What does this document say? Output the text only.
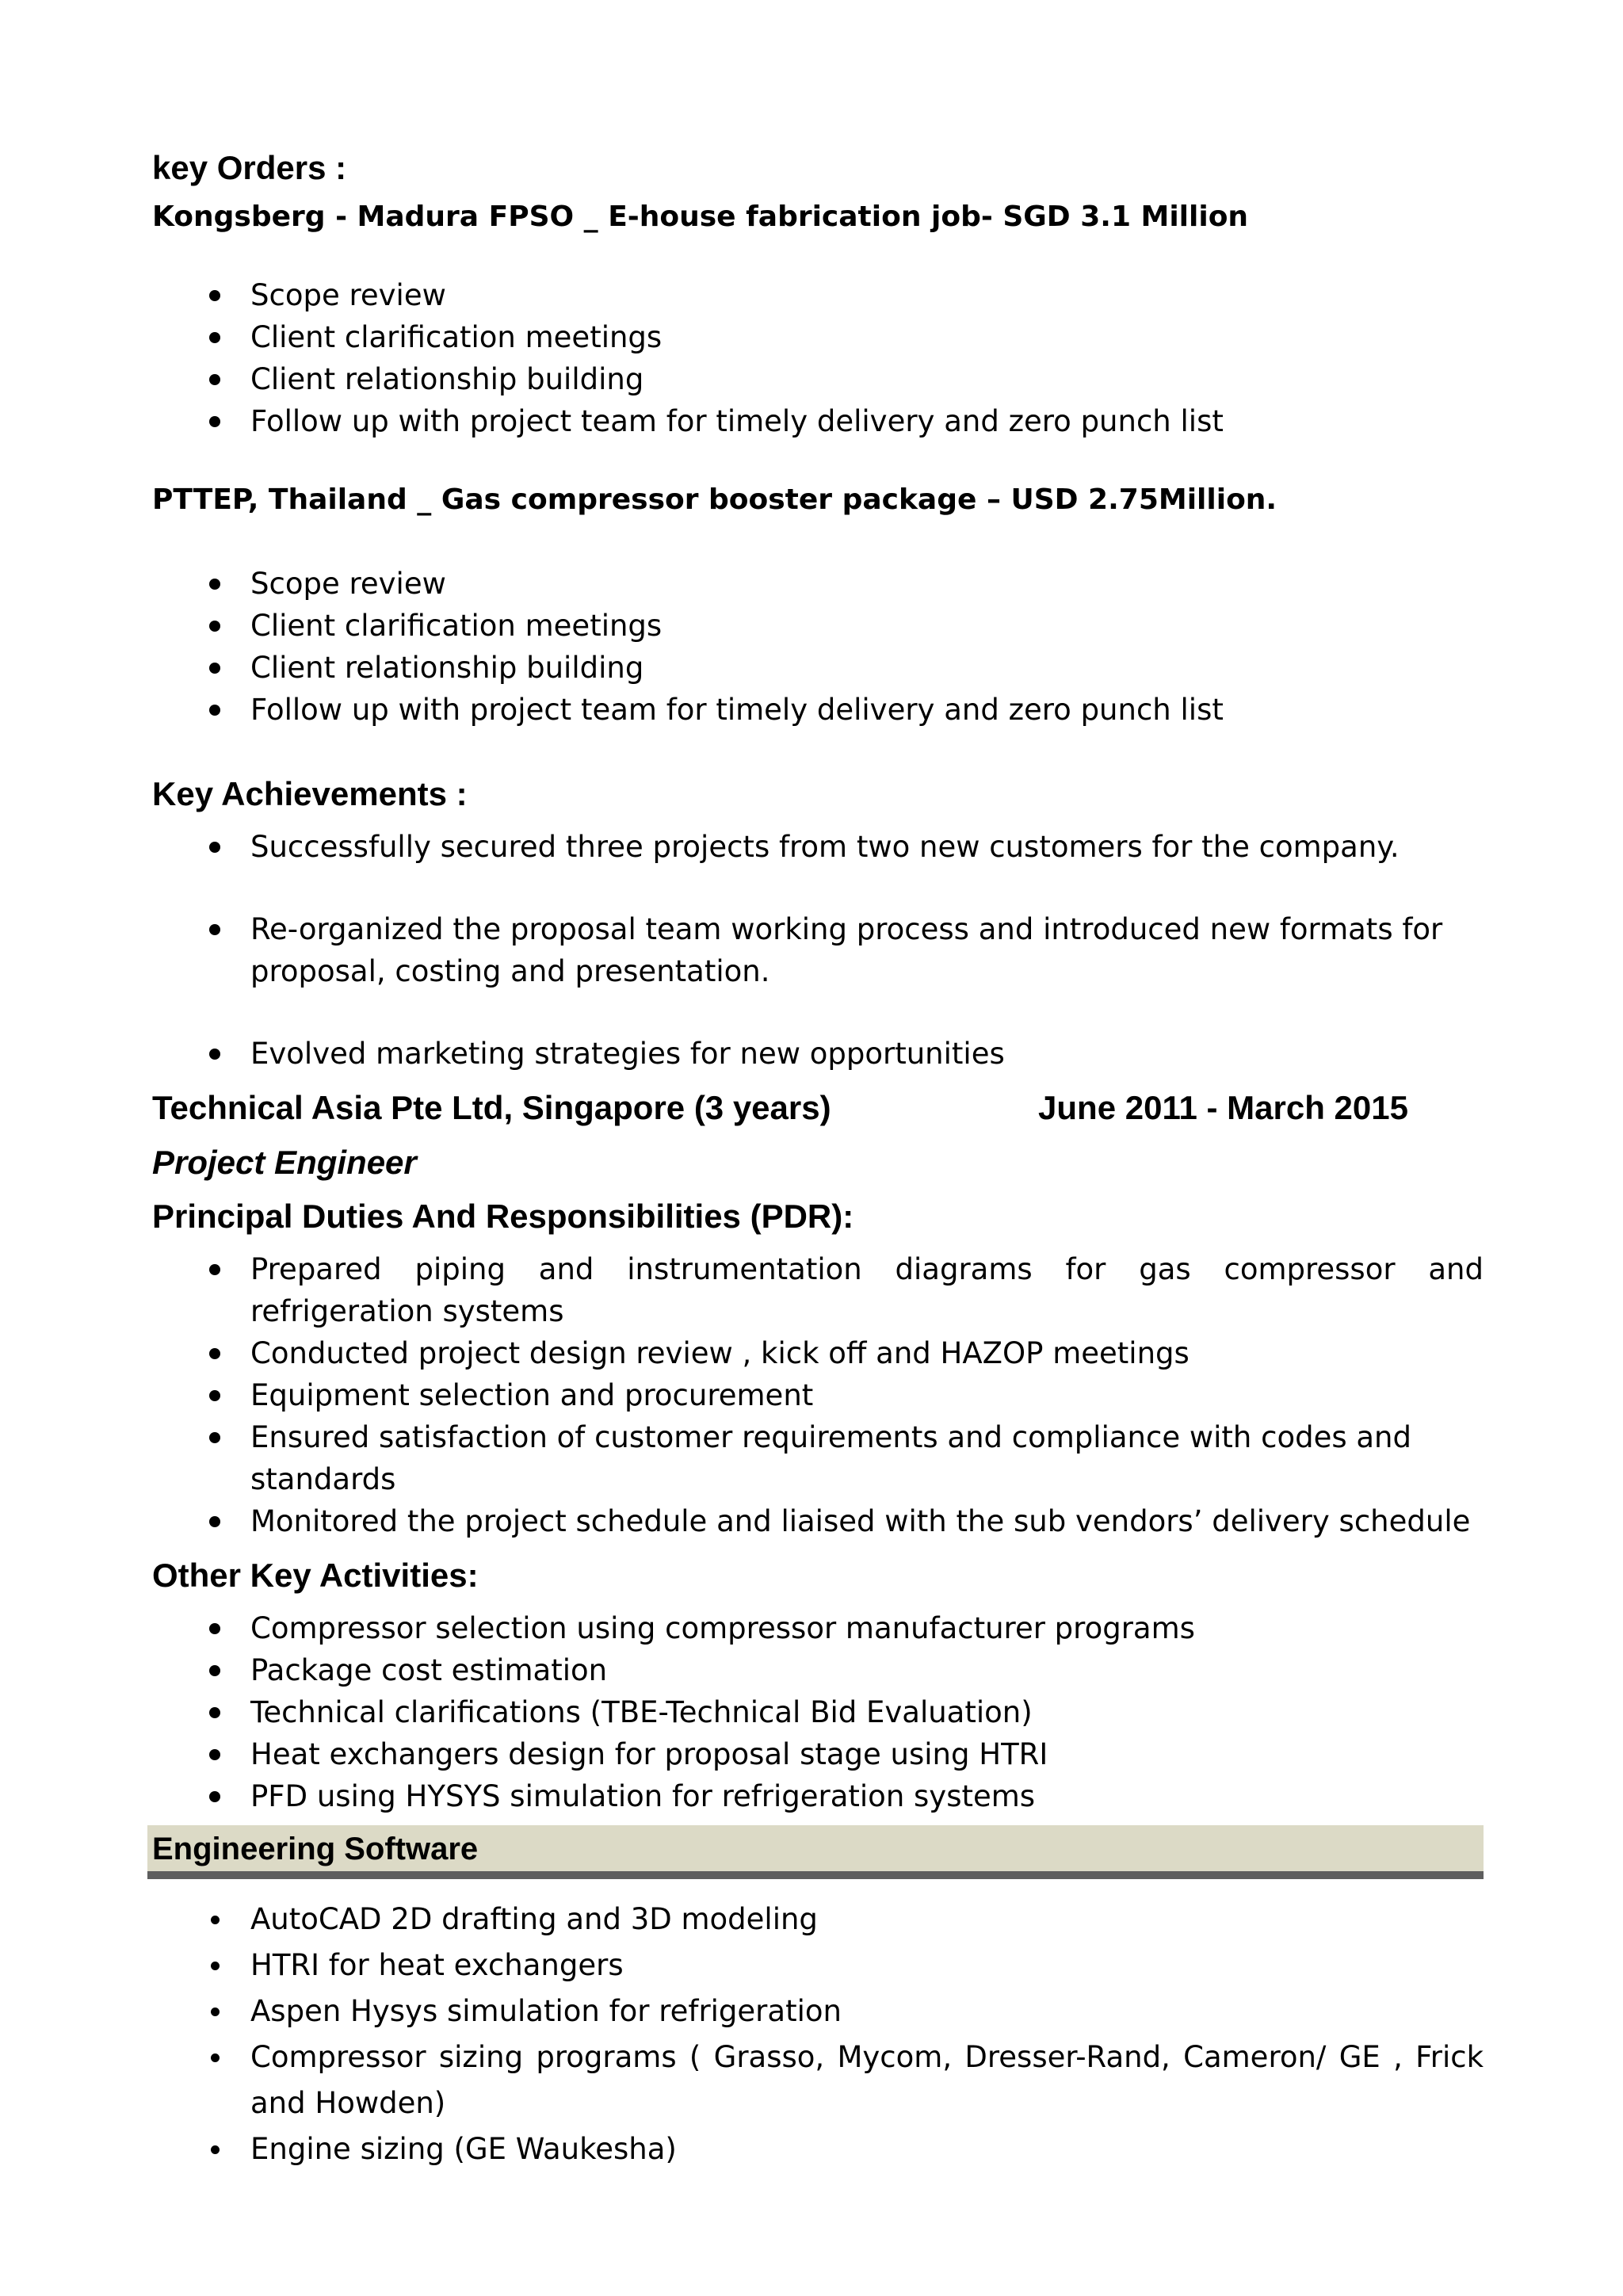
key Orders :

Kongsberg - Madura FPSO _ E-house fabrication job- SGD 3.1 Million

Scope review
Client clarification meetings
Client relationship building
Follow up with project team for timely delivery and zero punch list

PTTEP, Thailand _ Gas compressor booster package – USD 2.75Million.

Scope review
Client clarification meetings
Client relationship building
Follow up with project team for timely delivery and zero punch list
Key Achievements :
Successfully secured three projects from two new customers for the company.
Re-organized the proposal team working process and introduced new formats for proposal, costing and presentation.
Evolved marketing strategies for new opportunities
Technical Asia Pte Ltd, Singapore (3 years)	June 2011 - March 2015
Project Engineer
Principal Duties And Responsibilities (PDR):
Prepared piping and instrumentation diagrams for gas compressor and refrigeration systems
Conducted project design review , kick off and HAZOP meetings
Equipment selection and procurement
Ensured satisfaction of customer requirements and compliance with codes and standards
Monitored the project schedule and liaised with the sub vendors’ delivery schedule
Other Key Activities:
Compressor selection using compressor manufacturer programs
Package cost estimation
Technical clarifications (TBE-Technical Bid Evaluation)
Heat exchangers design for proposal stage using HTRI
PFD using HYSYS simulation for refrigeration systems
Engineering Software
AutoCAD 2D drafting and 3D modeling
HTRI for heat exchangers
Aspen Hysys simulation for refrigeration
Compressor sizing programs ( Grasso, Mycom, Dresser-Rand, Cameron/ GE , Frick and Howden)
Engine sizing (GE Waukesha)
